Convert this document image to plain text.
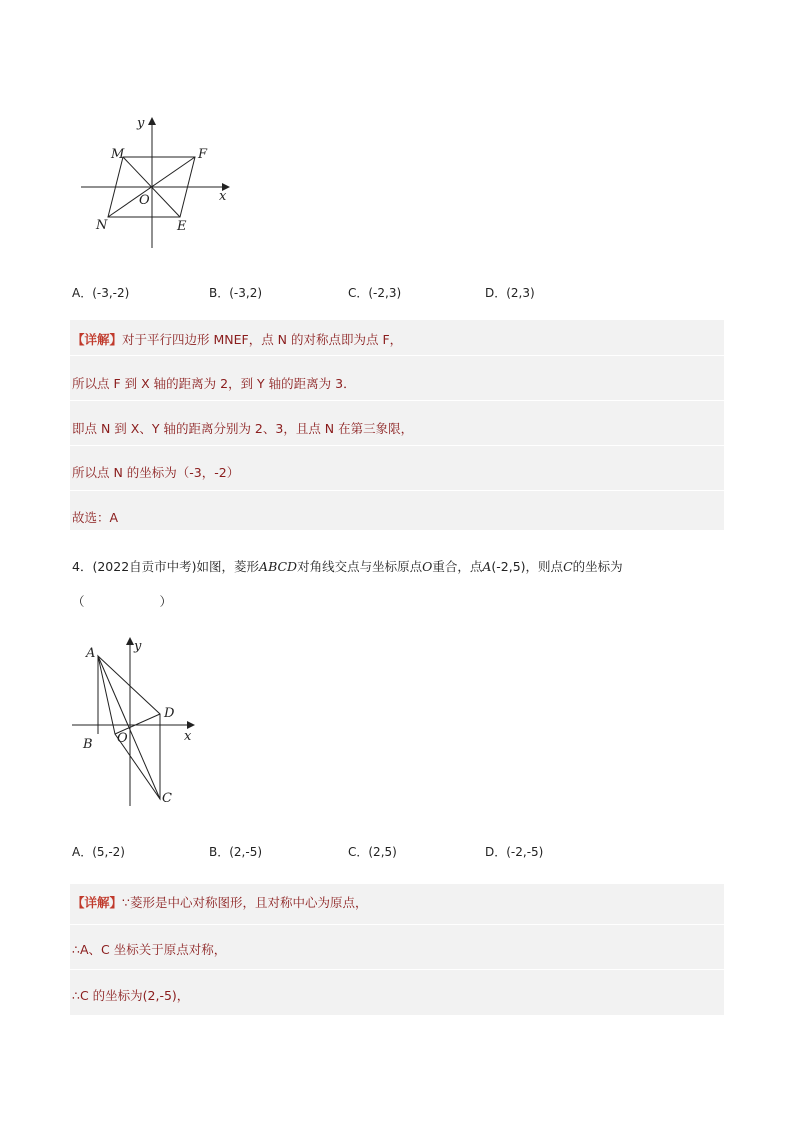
y
M	F
O	x
N	E
A．(-3,-2)	B．(-3,2)	C．(-2,3)	D．(2,3)
【详解】对于平行四边形 MNEF，点 N 的对称点即为点 F，
所以点 F 到 X 轴的距离为 2，到 Y 轴的距离为 3．
即点 N 到 X、Y 轴的距离分别为 2、3，且点 N 在第三象限，
所以点 N 的坐标为（-3，-2）
故选：A
4．(2022自贡市中考)如图，菱形ABCD对角线交点与坐标原点O重合，点A(-2,5)，则点C的坐标为
（　　　　　　）
y
A
D
O	x
B
C
A．(5,-2)	B．(2,-5)	C．(2,5)	D．(-2,-5)
【详解】∵菱形是中心对称图形，且对称中心为原点，
∴A、C 坐标关于原点对称，
∴C 的坐标为(2,-5)，
